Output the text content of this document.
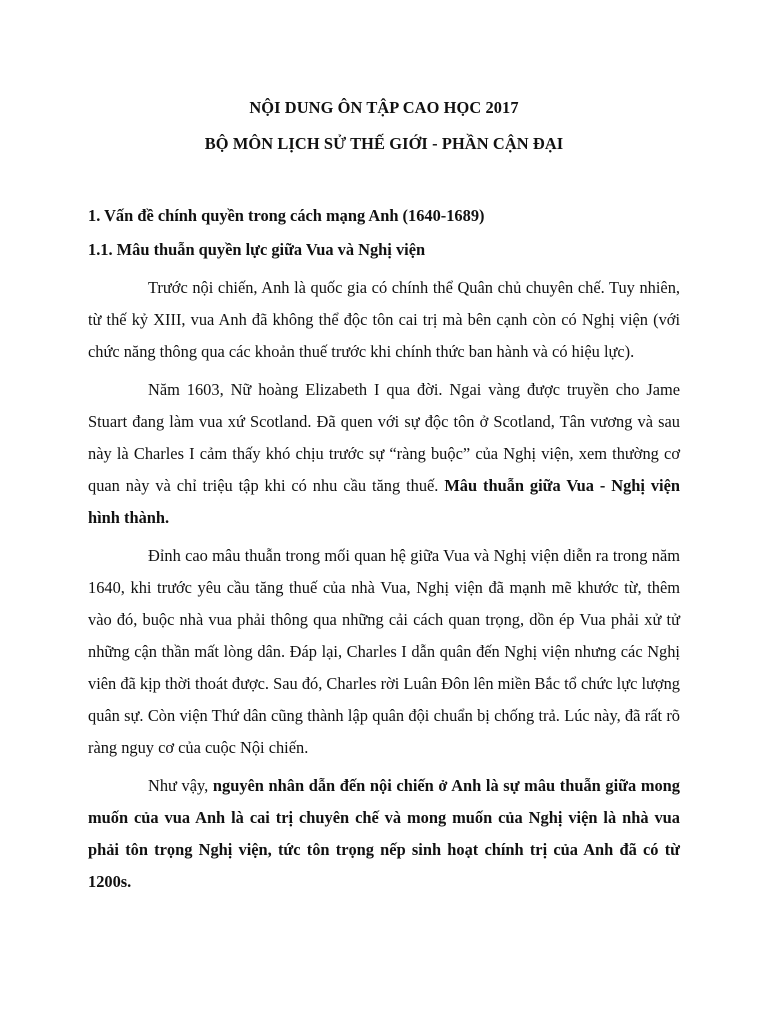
NỘI DUNG ÔN TẬP CAO HỌC 2017

BỘ MÔN LỊCH SỬ THẾ GIỚI - PHẦN CẬN ĐẠI

1. Vấn đề chính quyền trong cách mạng Anh (1640-1689)

1.1. Mâu thuẫn quyền lực giữa Vua và Nghị viện

Trước nội chiến, Anh là quốc gia có chính thể Quân chủ chuyên chế. Tuy nhiên, từ thế kỷ XIII, vua Anh đã không thể độc tôn cai trị mà bên cạnh còn có Nghị viện (với chức năng thông qua các khoản thuế trước khi chính thức ban hành và có hiệu lực).

Năm 1603, Nữ hoàng Elizabeth I qua đời. Ngai vàng được truyền cho Jame Stuart đang làm vua xứ Scotland. Đã quen với sự độc tôn ở Scotland, Tân vương và sau này là Charles I cảm thấy khó chịu trước sự “ràng buộc” của Nghị viện, xem thường cơ quan này và chỉ triệu tập khi có nhu cầu tăng thuế. Mâu thuẫn giữa Vua - Nghị viện hình thành.

Đỉnh cao mâu thuẫn trong mối quan hệ giữa Vua và Nghị viện diễn ra trong năm 1640, khi trước yêu cầu tăng thuế của nhà Vua, Nghị viện đã mạnh mẽ khước từ, thêm vào đó, buộc nhà vua phải thông qua những cải cách quan trọng, dồn ép Vua phải xử tử những cận thần mất lòng dân. Đáp lại, Charles I dẫn quân đến Nghị viện nhưng các Nghị viên đã kịp thời thoát được. Sau đó, Charles rời Luân Đôn lên miền Bắc tổ chức lực lượng quân sự. Còn viện Thứ dân cũng thành lập quân đội chuẩn bị chống trả. Lúc này, đã rất rõ ràng nguy cơ của cuộc Nội chiến.

Như vậy, nguyên nhân dẫn đến nội chiến ở Anh là sự mâu thuẫn giữa mong muốn của vua Anh là cai trị chuyên chế và mong muốn của Nghị viện là nhà vua phải tôn trọng Nghị viện, tức tôn trọng nếp sinh hoạt chính trị của Anh đã có từ 1200s.
